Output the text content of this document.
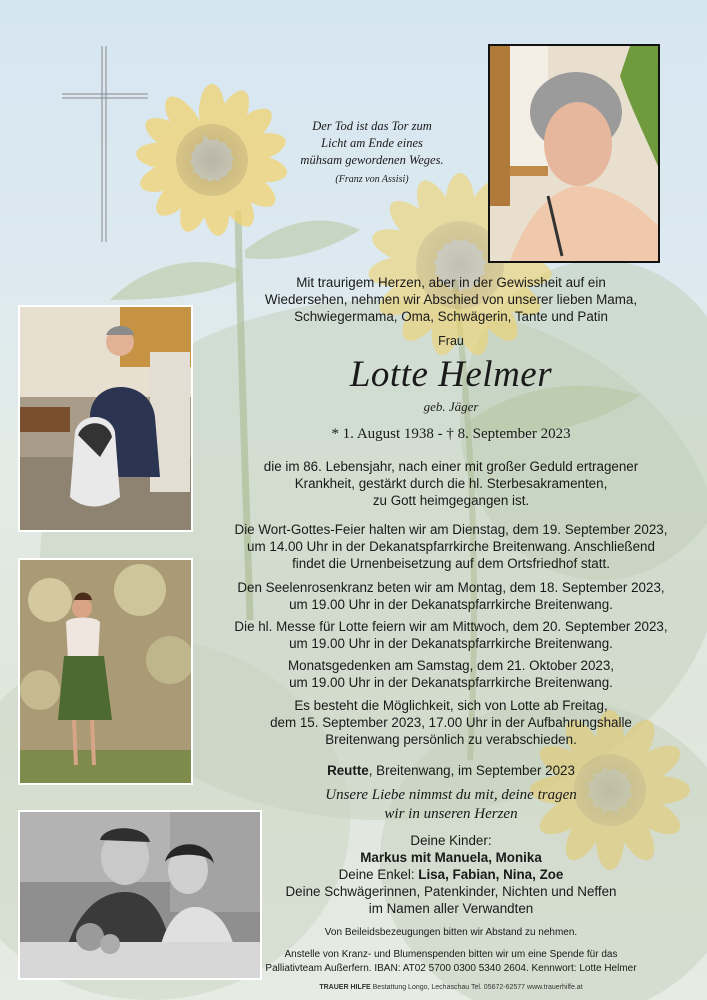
Der Tod ist das Tor zum
Licht am Ende eines
mühsam gewordenen Weges.
(Franz von Assisi)
Mit traurigem Herzen, aber in der Gewissheit auf ein
Wiedersehen, nehmen wir Abschied von unserer lieben Mama,
Schwiegermama, Oma, Schwägerin, Tante und Patin
Frau
Lotte Helmer
geb. Jäger
* 1. August 1938 - † 8. September 2023
die im 86. Lebensjahr, nach einer mit großer Geduld ertragener
Krankheit, gestärkt durch die hl. Sterbesakramenten,
zu Gott heimgegangen ist.
Die Wort-Gottes-Feier halten wir am Dienstag, dem 19. September 2023,
um 14.00 Uhr in der Dekanatspfarrkirche Breitenwang. Anschließend
findet die Urnenbeisetzung auf dem Ortsfriedhof statt.
Den Seelenrosenkranz beten wir am Montag, dem 18. September 2023,
um 19.00 Uhr in der Dekanatspfarrkirche Breitenwang.
Die hl. Messe für Lotte feiern wir am Mittwoch, dem 20. September 2023,
um 19.00 Uhr in der Dekanatspfarrkirche Breitenwang.
Monatsgedenken am Samstag, dem 21. Oktober 2023,
um 19.00 Uhr in der Dekanatspfarrkirche Breitenwang.
Es besteht die Möglichkeit, sich von Lotte ab Freitag,
dem 15. September 2023, 17.00 Uhr in der Aufbahrungshalle
Breitenwang persönlich zu verabschieden.
Reutte, Breitenwang, im September 2023
Unsere Liebe nimmst du mit, deine tragen
wir in unseren Herzen
Deine Kinder:
Markus mit Manuela, Monika
Deine Enkel: Lisa, Fabian, Nina, Zoe
Deine Schwägerinnen, Patenkinder, Nichten und Neffen
im Namen aller Verwandten
Von Beileidsbezeugungen bitten wir Abstand zu nehmen.
Anstelle von Kranz- und Blumenspenden bitten wir um eine Spende für das
Palliativteam Außerfern. IBAN: AT02 5700 0300 5340 2604. Kennwort: Lotte Helmer
TRAUER HILFE Bestattung Longo, Lechaschau Tel. 05672-62577 www.trauerhilfe.at
